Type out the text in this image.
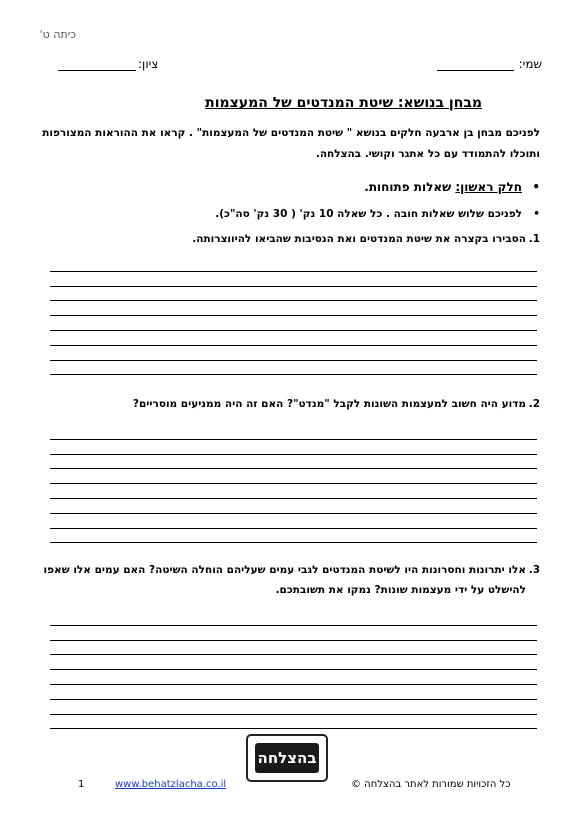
כיתה ט'
שמי:
ציון:
מבחן בנושא: שיטת המנדטים של המעצמות
לפניכם מבחן בן ארבעה חלקים בנושא " שיטת המנדטים של המעצמות" . קראו את ההוראות המצורפות ותוכלו להתמודד עם כל אתגר וקושי. בהצלחה.
•
חלק ראשון: שאלות פתוחות.
•
לפניכם שלוש שאלות חובה . כל שאלה 10 נק' ( 30 נק' סה"כ).
1.
הסבירו בקצרה את שיטת המנדטים ואת הנסיבות שהביאו להיווצרותה.
2.
מדוע היה חשוב למעצמות השונות לקבל "מנדט"? האם זה היה ממניעים מוסריים?
3.
אלו יתרונות וחסרונות היו לשיטת המנדטים לגבי עמים שעליהם הוחלה השיטה? האם עמים אלו שאפו להישלט על ידי מעצמות שונות? נמקו את תשובתכם.
בהצלחה
1	www.behatzlacha.co.il	כל הזכויות שמורות לאתר בהצלחה ©
